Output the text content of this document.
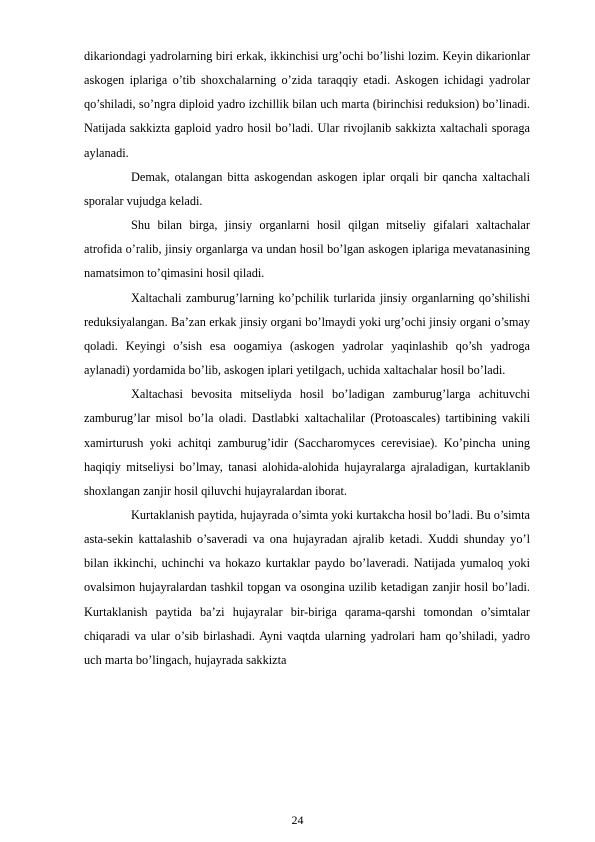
dikariondagi yadrolarning biri erkak, ikkinchisi urg’ochi bo’lishi lozim. Keyin dikarionlar askogen iplariga o’tib shoxchalarning o’zida taraqqiy etadi. Askogen ichidagi yadrolar qo’shiladi, so’ngra diploid yadro izchillik bilan uch marta (birinchisi reduksion) bo’linadi. Natijada sakkizta gaploid yadro hosil bo’ladi. Ular rivojlanib sakkizta xaltachali sporaga aylanadi.

Demak, otalangan bitta askogendan askogen iplar orqali bir qancha xaltachali sporalar vujudga keladi.

Shu bilan birga, jinsiy organlarni hosil qilgan mitseliy gifalari xaltachalar atrofida o’ralib, jinsiy organlarga va undan hosil bo’lgan askogen iplariga mevatanasining namatsimon to’qimasini hosil qiladi.

Xaltachali zamburug’larning ko’pchilik turlarida jinsiy organlarning qo’shilishi reduksiyalangan. Ba’zan erkak jinsiy organi bo’lmaydi yoki urg’ochi jinsiy organi o’smay qoladi. Keyingi o’sish esa oogamiya (askogen yadrolar yaqinlashib qo’sh yadroga aylanadi) yordamida bo’lib, askogen iplari yetilgach, uchida xaltachalar hosil bo’ladi.

Xaltachasi bevosita mitseliyda hosil bo’ladigan zamburug’larga achituvchi zamburug’lar misol bo’la oladi. Dastlabki xaltachalilar (Protoascales) tartibining vakili xamirturush yoki achitqi zamburug’idir (Saccharomyces cerevisiae). Ko’pincha uning haqiqiy mitseliysi bo’lmay, tanasi alohida-alohida hujayralarga ajraladigan, kurtaklanib shoxlangan zanjir hosil qiluvchi hujayralardan iborat.

Kurtaklanish paytida, hujayrada o’simta yoki kurtakcha hosil bo’ladi. Bu o’simta asta-sekin kattalashib o’saveradi va ona hujayradan ajralib ketadi. Xuddi shunday yo’l bilan ikkinchi, uchinchi va hokazo kurtaklar paydo bo’laveradi. Natijada yumaloq yoki ovalsimon hujayralardan tashkil topgan va osongina uzilib ketadigan zanjir hosil bo’ladi. Kurtaklanish paytida ba’zi hujayralar bir-biriga qarama-qarshi tomondan o’simtalar chiqaradi va ular o’sib birlashadi. Ayni vaqtda ularning yadrolari ham qo’shiladi, yadro uch marta bo’lingach, hujayrada sakkizta

24
